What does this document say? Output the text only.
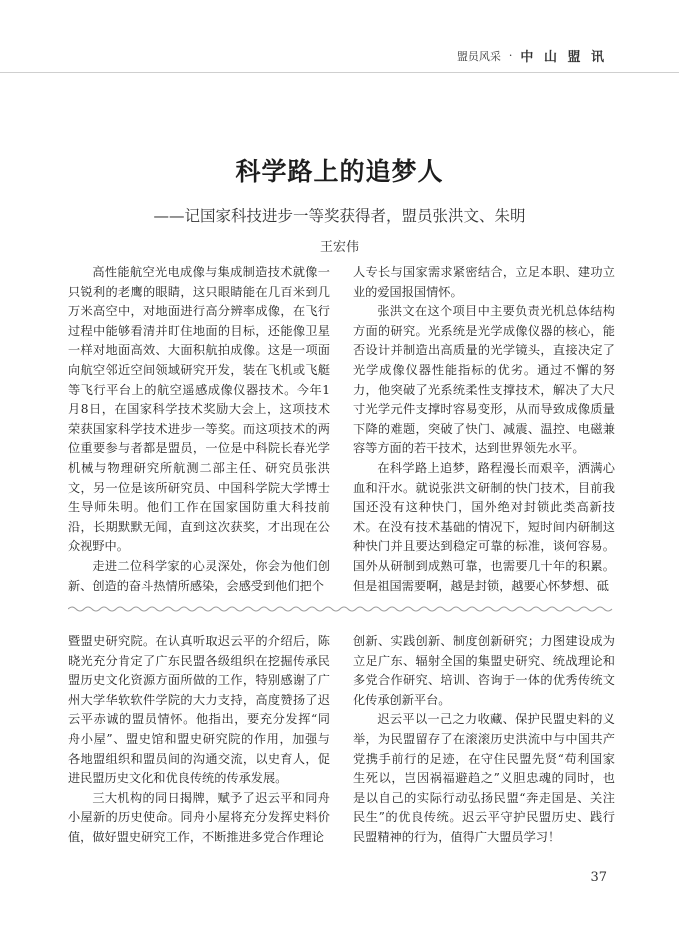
盟员风采 · 中 山 盟 讯
科学路上的追梦人
——记国家科技进步一等奖获得者，盟员张洪文、朱明
王宏伟

高性能航空光电成像与集成制造技术就像一只锐利的老鹰的眼睛，这只眼睛能在几百米到几万米高空中，对地面进行高分辨率成像，在飞行过程中能够看清并盯住地面的目标，还能像卫星一样对地面高效、大面积航拍成像。这是一项面向航空邻近空间领域研究开发，装在飞机或飞艇等飞行平台上的航空遥感成像仪器技术。今年1月8日，在国家科学技术奖励大会上，这项技术荣获国家科学技术进步一等奖。而这项技术的两位重要参与者都是盟员，一位是中科院长春光学机械与物理研究所航测二部主任、研究员张洪文，另一位是该所研究员、中国科学院大学博士生导师朱明。他们工作在国家国防重大科技前沿，长期默默无闻，直到这次获奖，才出现在公众视野中。

走进二位科学家的心灵深处，你会为他们创新、创造的奋斗热情所感染，会感受到他们把个

人专长与国家需求紧密结合，立足本职、建功立业的爱国报国情怀。

张洪文在这个项目中主要负责光机总体结构方面的研究。光系统是光学成像仪器的核心，能否设计并制造出高质量的光学镜头，直接决定了光学成像仪器性能指标的优劣。通过不懈的努力，他突破了光系统柔性支撑技术，解决了大尺寸光学元件支撑时容易变形，从而导致成像质量下降的难题，突破了快门、减震、温控、电磁兼容等方面的若干技术，达到世界领先水平。

在科学路上追梦，路程漫长而艰辛，洒满心血和汗水。就说张洪文研制的快门技术，目前我国还没有这种快门，国外绝对封锁此类高新技术。在没有技术基础的情况下，短时间内研制这种快门并且要达到稳定可靠的标准，谈何容易。国外从研制到成熟可靠，也需要几十年的积累。但是祖国需要啊，越是封锁，越要心怀梦想、砥

暨盟史研究院。在认真听取迟云平的介绍后，陈晓光充分肯定了广东民盟各级组织在挖掘传承民盟历史文化资源方面所做的工作，特别感谢了广州大学华软软件学院的大力支持，高度赞扬了迟云平赤诚的盟员情怀。他指出，要充分发挥“同舟小屋”、盟史馆和盟史研究院的作用，加强与各地盟组织和盟员间的沟通交流，以史育人，促进民盟历史文化和优良传统的传承发展。

三大机构的同日揭牌，赋予了迟云平和同舟小屋新的历史使命。同舟小屋将充分发挥史料价值，做好盟史研究工作，不断推进多党合作理论

创新、实践创新、制度创新研究；力图建设成为立足广东、辐射全国的集盟史研究、统战理论和多党合作研究、培训、咨询于一体的优秀传统文化传承创新平台。

迟云平以一己之力收藏、保护民盟史料的义举，为民盟留存了在滚滚历史洪流中与中国共产党携手前行的足迹，在守住民盟先贤“苟利国家生死以，岂因祸福避趋之”义胆忠魂的同时，也是以自己的实际行动弘扬民盟“奔走国是、关注民生”的优良传统。迟云平守护民盟历史、践行民盟精神的行为，值得广大盟员学习！

37
